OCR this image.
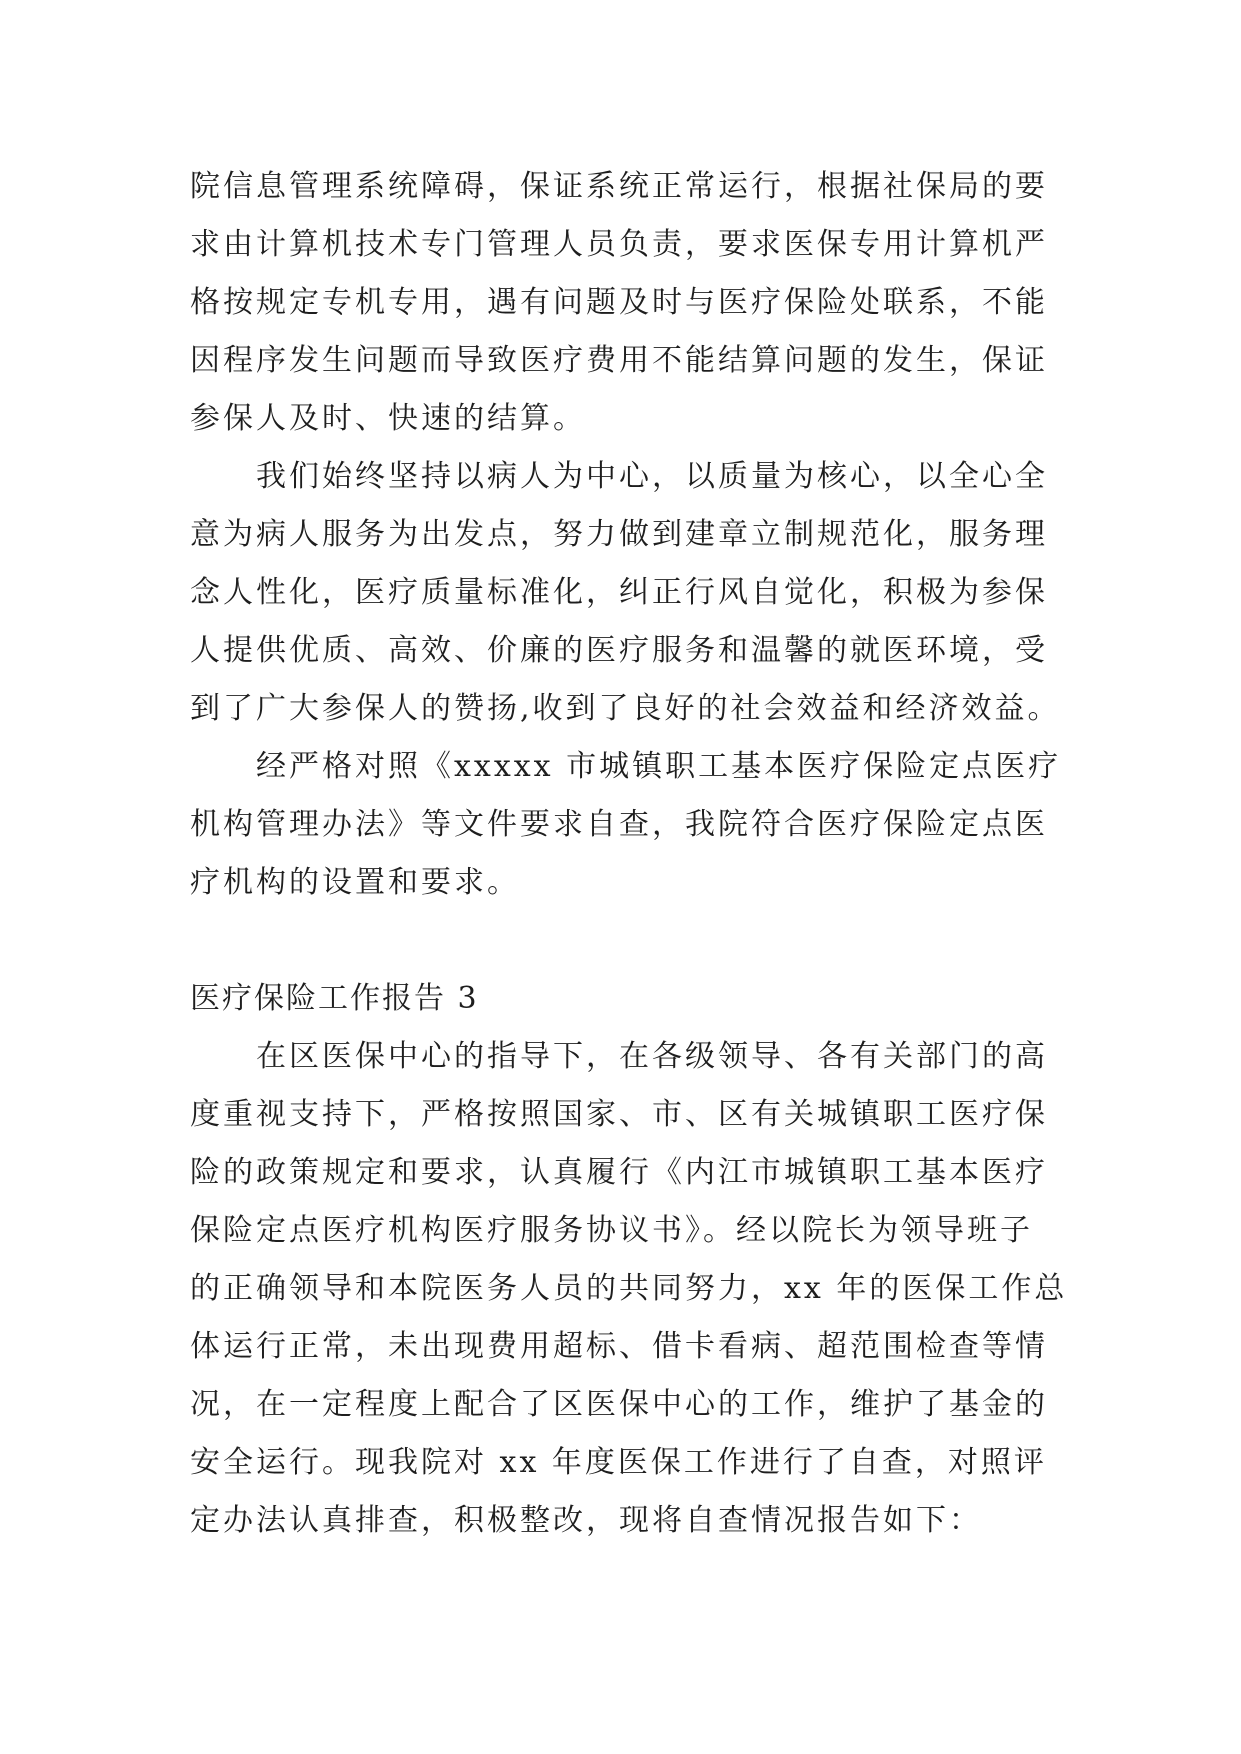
院信息管理系统障碍，保证系统正常运行，根据社保局的要
求由计算机技术专门管理人员负责，要求医保专用计算机严
格按规定专机专用，遇有问题及时与医疗保险处联系，不能
因程序发生问题而导致医疗费用不能结算问题的发生，保证
参保人及时、快速的结算。
我们始终坚持以病人为中心，以质量为核心，以全心全
意为病人服务为出发点，努力做到建章立制规范化，服务理
念人性化，医疗质量标准化，纠正行风自觉化，积极为参保
人提供优质、高效、价廉的医疗服务和温馨的就医环境，受
到了广大参保人的赞扬,收到了良好的社会效益和经济效益。
经严格对照《xxxxx 市城镇职工基本医疗保险定点医疗
机构管理办法》等文件要求自查，我院符合医疗保险定点医
疗机构的设置和要求。
医疗保险工作报告 3
在区医保中心的指导下，在各级领导、各有关部门的高
度重视支持下，严格按照国家、市、区有关城镇职工医疗保
险的政策规定和要求，认真履行《内江市城镇职工基本医疗
保险定点医疗机构医疗服务协议书》。经以院长为领导班子
的正确领导和本院医务人员的共同努力，xx 年的医保工作总
体运行正常，未出现费用超标、借卡看病、超范围检查等情
况，在一定程度上配合了区医保中心的工作，维护了基金的
安全运行。现我院对 xx 年度医保工作进行了自查，对照评
定办法认真排查，积极整改，现将自查情况报告如下：
